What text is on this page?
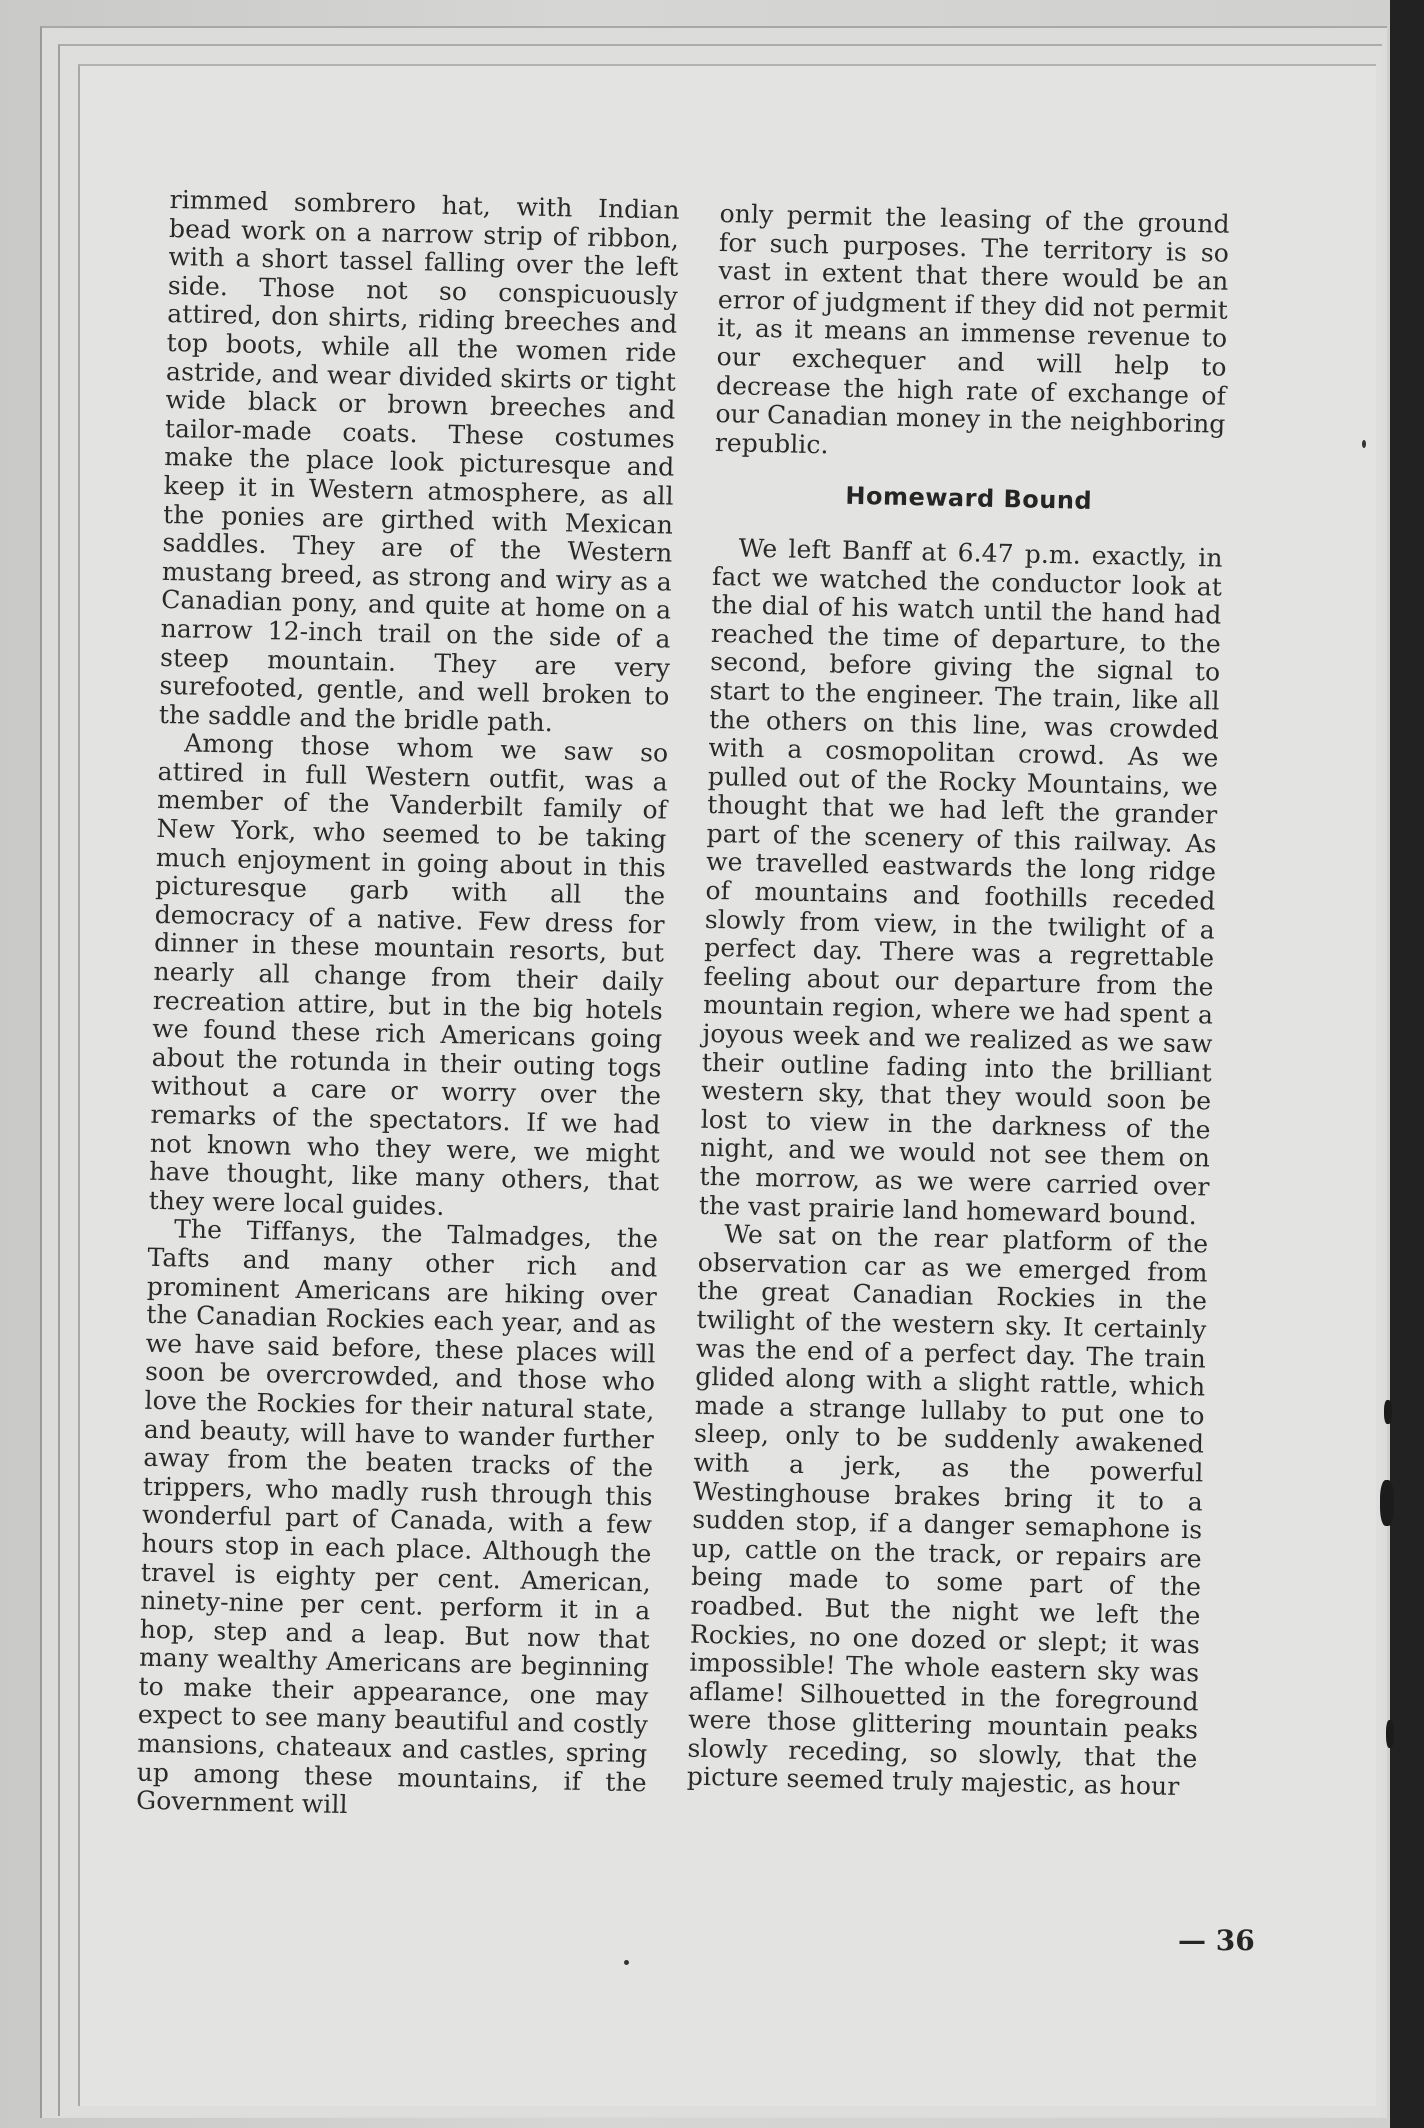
rimmed sombrero hat, with Indian bead work on a narrow strip of ribbon, with a short tassel falling over the left side. Those not so conspicuously attired, don shirts, riding breeches and top boots, while all the women ride astride, and wear divided skirts or tight wide black or brown breeches and tailor-made coats. These costumes make the place look picturesque and keep it in Western atmosphere, as all the ponies are girthed with Mexican saddles. They are of the Western mustang breed, as strong and wiry as a Canadian pony, and quite at home on a narrow 12-inch trail on the side of a steep mountain. They are very surefooted, gentle, and well broken to the saddle and the bridle path.

Among those whom we saw so attired in full Western outfit, was a member of the Vanderbilt family of New York, who seemed to be taking much enjoyment in going about in this picturesque garb with all the democracy of a native. Few dress for dinner in these mountain resorts, but nearly all change from their daily recreation attire, but in the big hotels we found these rich Americans going about the rotunda in their outing togs without a care or worry over the remarks of the spectators. If we had not known who they were, we might have thought, like many others, that they were local guides.

The Tiffanys, the Talmadges, the Tafts and many other rich and prominent Americans are hiking over the Canadian Rockies each year, and as we have said before, these places will soon be overcrowded, and those who love the Rockies for their natural state, and beauty, will have to wander further away from the beaten tracks of the trippers, who madly rush through this wonderful part of Canada, with a few hours stop in each place. Although the travel is eighty per cent. American, ninety-nine per cent. perform it in a hop, step and a leap. But now that many wealthy Americans are beginning to make their appearance, one may expect to see many beautiful and costly mansions, chateaux and castles, spring up among these mountains, if the Government will

only permit the leasing of the ground for such purposes. The territory is so vast in extent that there would be an error of judgment if they did not permit it, as it means an immense revenue to our exchequer and will help to decrease the high rate of exchange of our Canadian money in the neighboring republic.

Homeward Bound

We left Banff at 6.47 p.m. exactly, in fact we watched the conductor look at the dial of his watch until the hand had reached the time of departure, to the second, before giving the signal to start to the engineer. The train, like all the others on this line, was crowded with a cosmopolitan crowd. As we pulled out of the Rocky Mountains, we thought that we had left the grander part of the scenery of this railway. As we travelled eastwards the long ridge of mountains and foothills receded slowly from view, in the twilight of a perfect day. There was a regrettable feeling about our departure from the mountain region, where we had spent a joyous week and we realized as we saw their outline fading into the brilliant western sky, that they would soon be lost to view in the darkness of the night, and we would not see them on the morrow, as we were carried over the vast prairie land homeward bound.

We sat on the rear platform of the observation car as we emerged from the great Canadian Rockies in the twilight of the western sky. It certainly was the end of a perfect day. The train glided along with a slight rattle, which made a strange lullaby to put one to sleep, only to be suddenly awakened with a jerk, as the powerful Westinghouse brakes bring it to a sudden stop, if a danger semaphone is up, cattle on the track, or repairs are being made to some part of the roadbed. But the night we left the Rockies, no one dozed or slept; it was impossible! The whole eastern sky was aflame! Silhouetted in the foreground were those glittering mountain peaks slowly receding, so slowly, that the picture seemed truly majestic, as hour

— 36
